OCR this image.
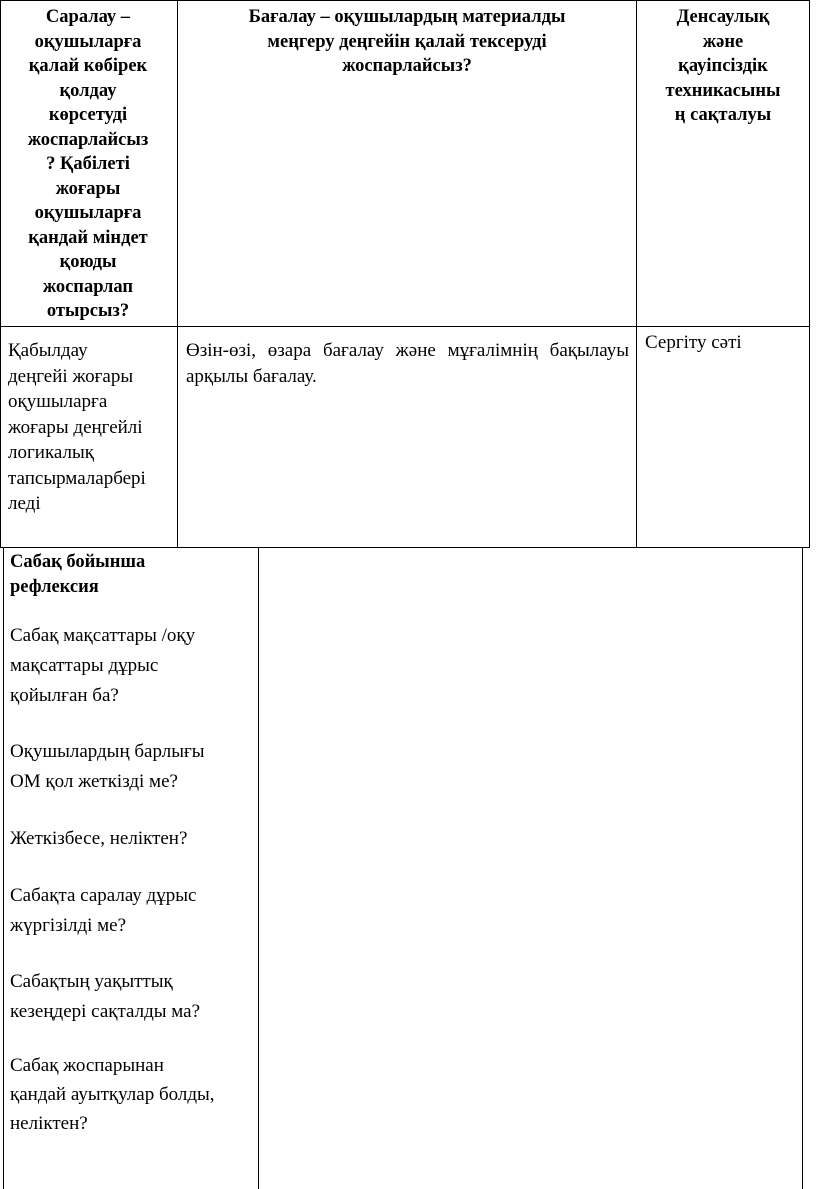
Саралау –
оқушыларға
қалай көбірек
қолдау
көрсетуді
жоспарлайсыз
? Қабілеті
жоғары
оқушыларға
қандай міндет
қоюды
жоспарлап
отырсыз?
Бағалау – оқушылардың материалды
меңгеру деңгейін қалай тексеруді
жоспарлайсыз?
Денсаулық
және
қауіпсіздік
техникасыны
ң сақталуы
Қабылдау
деңгейі жоғары
оқушыларға
жоғары деңгейлі
логикалық
тапсырмаларбері
леді
Өзін-өзі, өзара бағалау және мұғалімнің бақылауы арқылы бағалау.
Сергіту сәті
Сабақ бойынша
рефлексия
Сабақ мақсаттары /оқу
мақсаттары дұрыс
қойылған ба?
Оқушылардың барлығы
ОМ қол жеткізді ме?
Жеткізбесе, неліктен?
Сабақта саралау дұрыс
жүргізілді ме?
Сабақтың уақыттық
кезеңдері сақталды ма?
Сабақ жоспарынан
қандай ауытқулар болды,
неліктен?
